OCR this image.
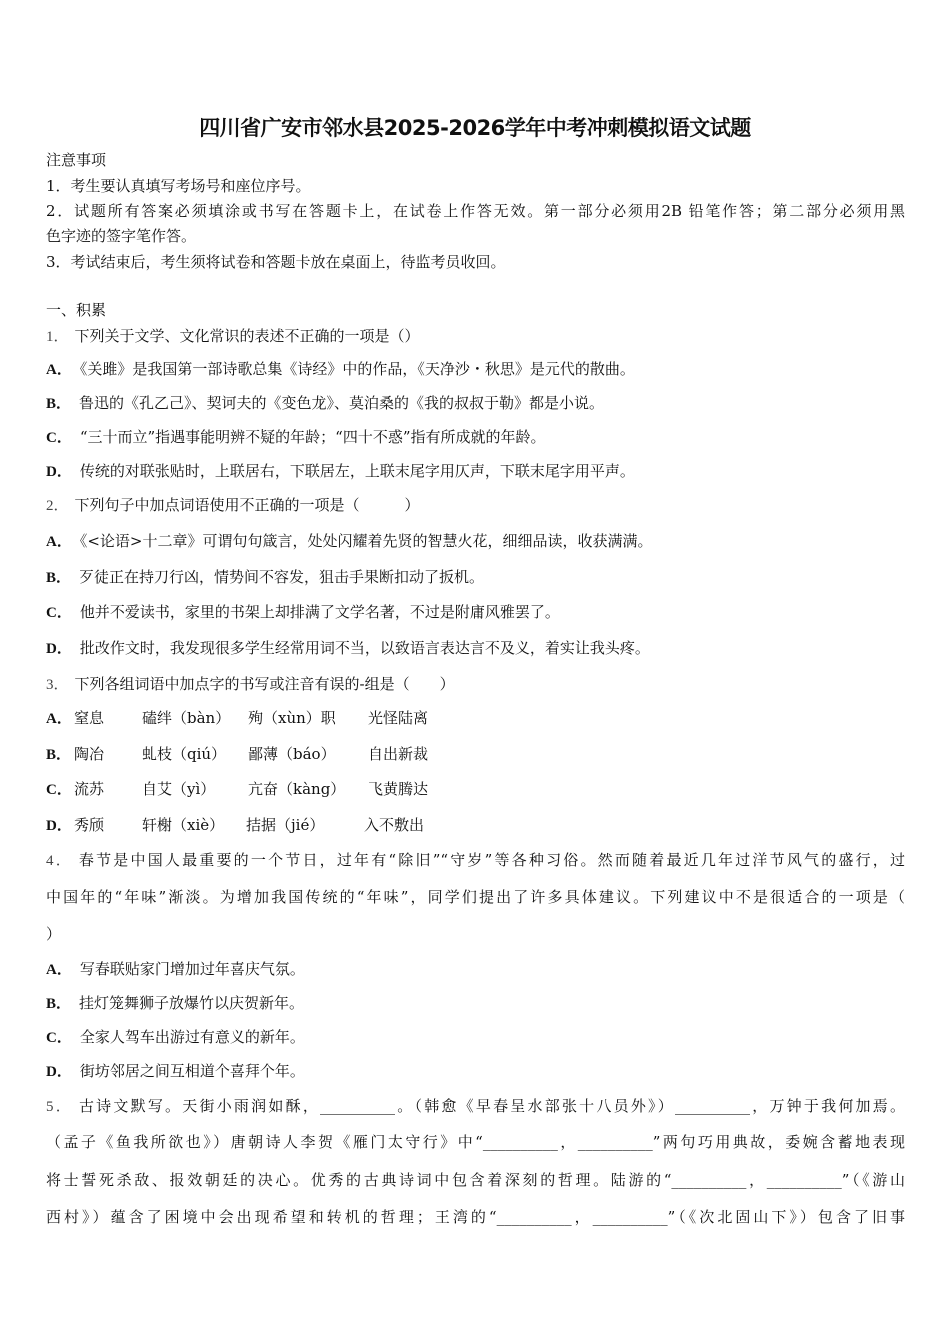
四川省广安市邻水县2025-2026学年中考冲刺模拟语文试题
注意事项
1．考生要认真填写考场号和座位序号。
2．试题所有答案必须填涂或书写在答题卡上，在试卷上作答无效。第一部分必须用2B 铅笔作答；第二部分必须用黑
色字迹的签字笔作答。
3．考试结束后，考生须将试卷和答题卡放在桌面上，待监考员收回。
一、积累
1． 下列关于文学、文化常识的表述不正确的一项是（）
A． 《关雎》是我国第一部诗歌总集《诗经》中的作品，《天净沙・秋思》是元代的散曲。
B． 鲁迅的《孔乙己》、契诃夫的《变色龙》、莫泊桑的《我的叔叔于勒》都是小说。
C． “三十而立”指遇事能明辨不疑的年龄；“四十不惑”指有所成就的年龄。
D． 传统的对联张贴时，上联居右，下联居左，上联末尾字用仄声，下联末尾字用平声。
2． 下列句子中加点词语使用不正确的一项是（　　　）
A． 《<论语>十二章》可谓句句箴言，处处闪耀着先贤的智慧火花，细细品读，收获满满。
B． 歹徒正在持刀行凶，情势间不容发，狙击手果断扣动了扳机。
C． 他并不爱读书，家里的书架上却排满了文学名著，不过是附庸风雅罢了。
D． 批改作文时，我发现很多学生经常用词不当，以致语言表达言不及义，着实让我头疼。
3． 下列各组词语中加点字的书写或注音有误的-组是（　　）
A． 窒息	磕绊（bàn） 殉（xùn）职 光怪陆离
B． 陶冶	虬枝（qiú） 鄙薄（báo） 自出新裁
C． 流苏	自艾（yì） 亢奋（kàng） 飞黄腾达
D． 秀颀	轩榭（xiè） 拮据（jié）	入不敷出
4． 春节是中国人最重要的一个节日，过年有“除旧”“守岁”等各种习俗。然而随着最近几年过洋节风气的盛行，过
中国年的“年味”渐淡。为增加我国传统的“年味”，同学们提出了许多具体建议。下列建议中不是很适合的一项是（
）
A． 写春联贴家门增加过年喜庆气氛。
B． 挂灯笼舞狮子放爆竹以庆贺新年。
C． 全家人驾车出游过有意义的新年。
D． 街坊邻居之间互相道个喜拜个年。
5． 古诗文默写。天街小雨润如酥，__________。（韩愈《早春呈水部张十八员外》）__________，万钟于我何加焉。
（孟子《鱼我所欲也》）唐朝诗人李贺《雁门太守行》中“__________，__________”两句巧用典故，委婉含蓄地表现
将士誓死杀敌、报效朝廷的决心。优秀的古典诗词中包含着深刻的哲理。陆游的“__________，__________”（《游山
西村》）蕴含了困境中会出现希望和转机的哲理；王湾的“__________，__________”（《次北固山下》）包含了旧事
